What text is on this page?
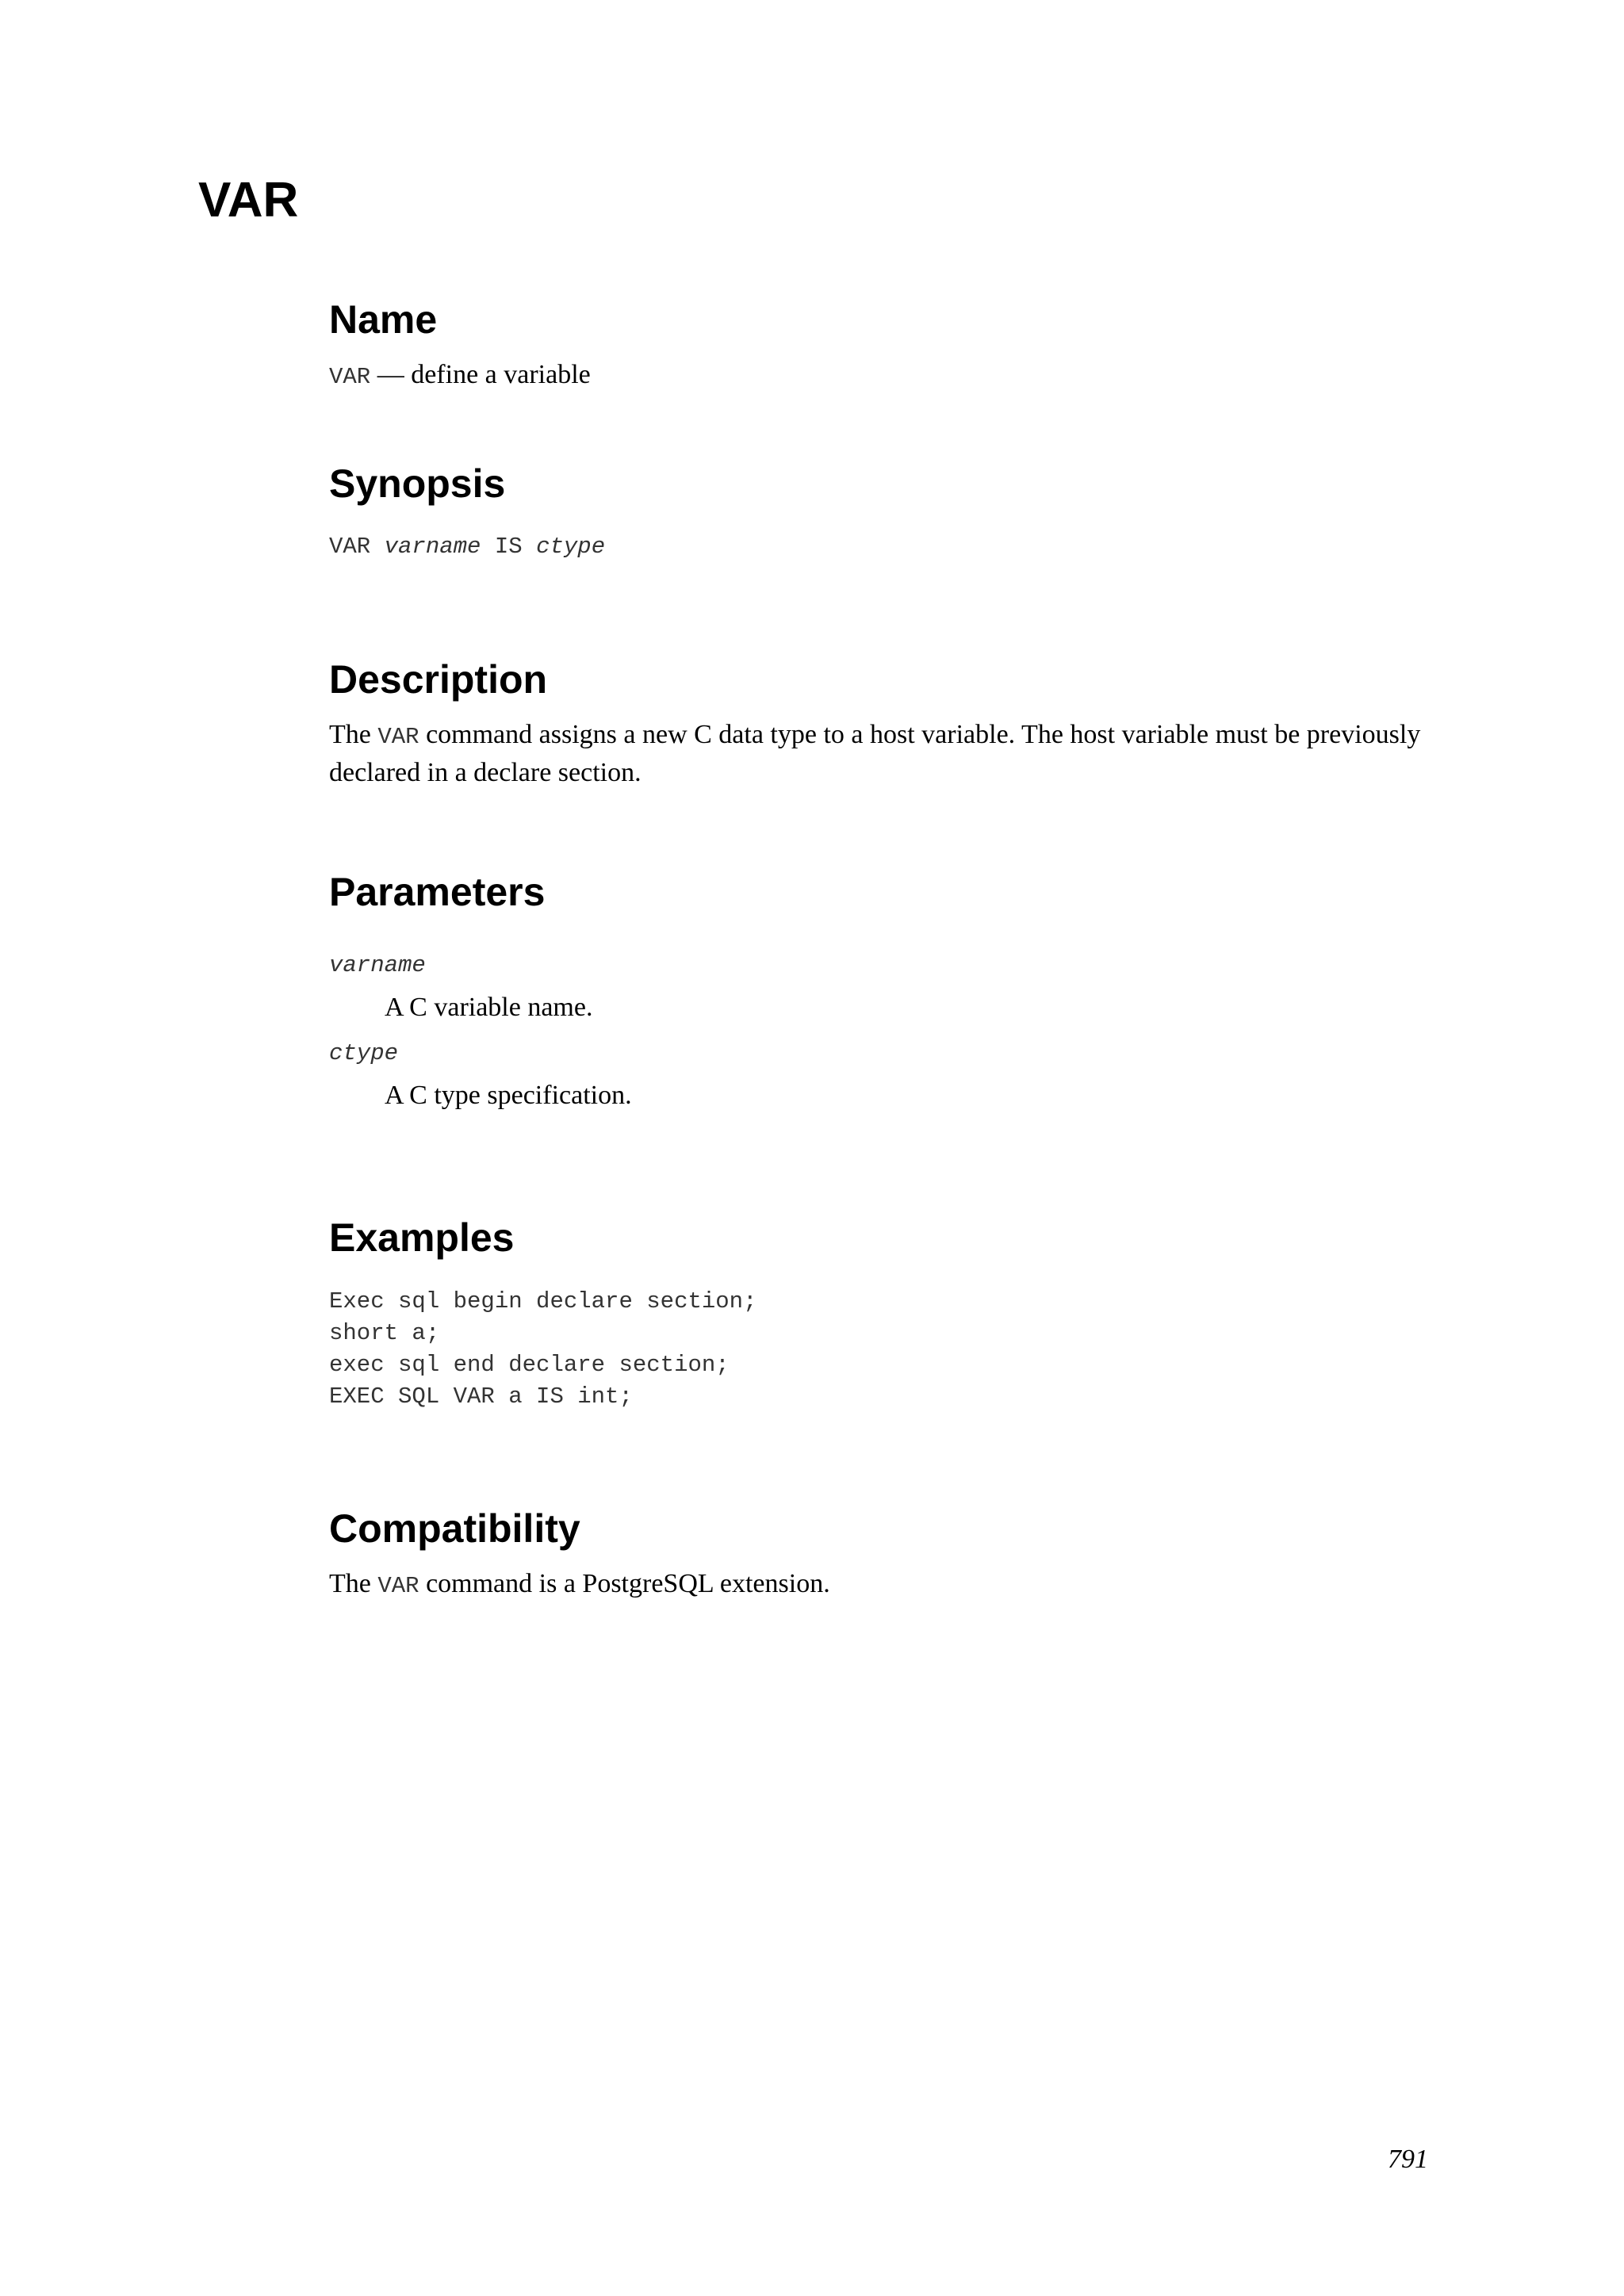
VAR
Name
VAR — define a variable
Synopsis
VAR varname IS ctype
Description
The VAR command assigns a new C data type to a host variable. The host variable must be previously declared in a declare section.
Parameters
varname
A C variable name.
ctype
A C type specification.
Examples
Exec sql begin declare section;
short a;
exec sql end declare section;
EXEC SQL VAR a IS int;
Compatibility
The VAR command is a PostgreSQL extension.
791
